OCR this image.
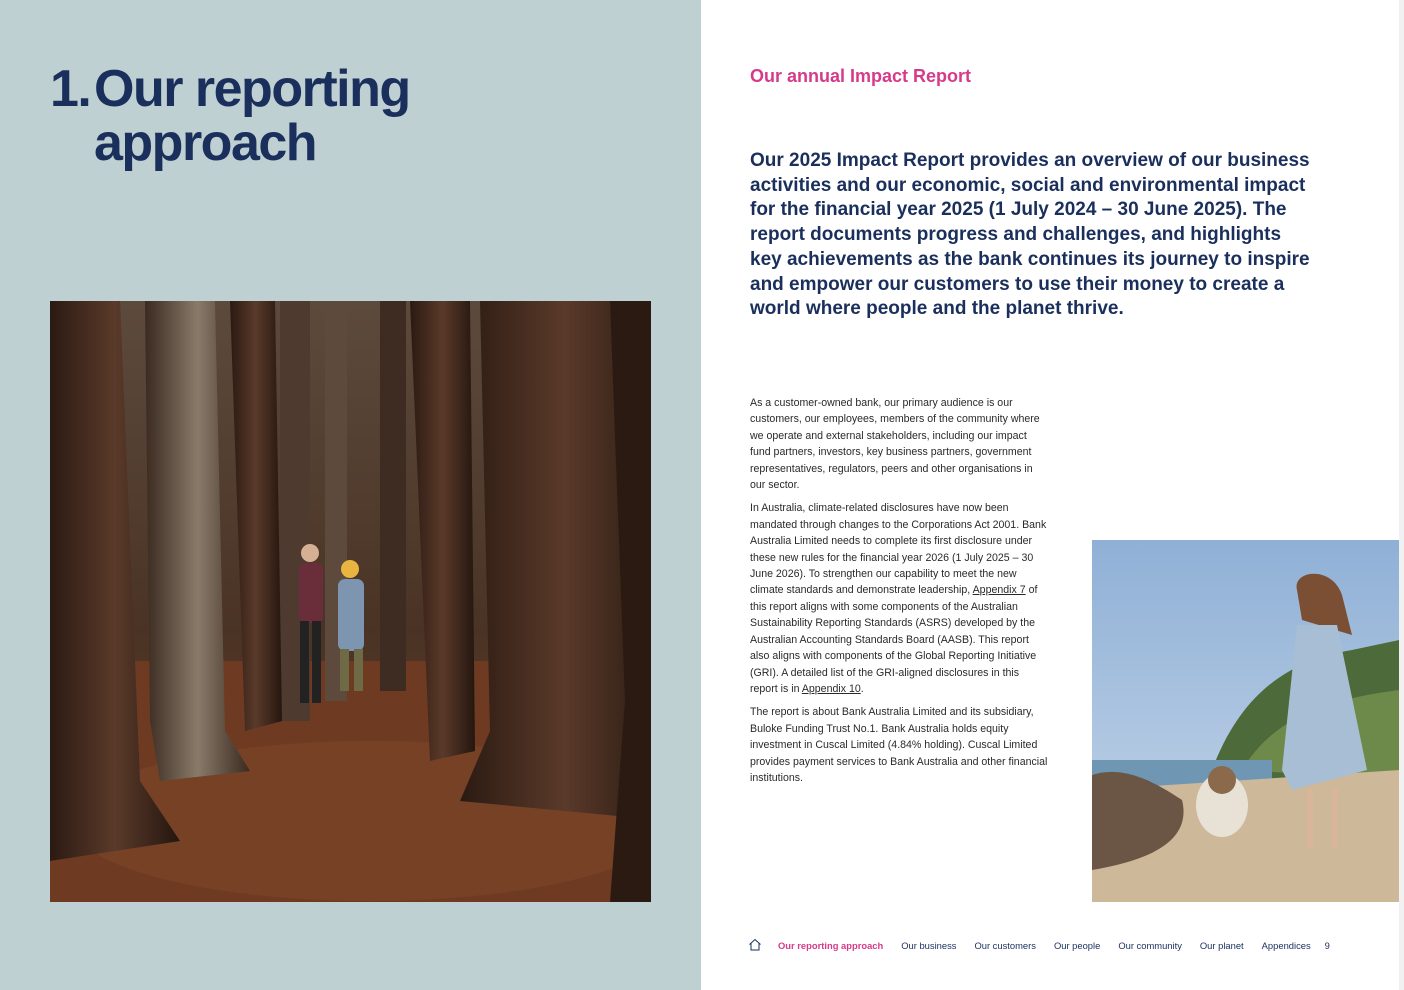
1. Our reporting approach
Our annual Impact Report

Our 2025 Impact Report provides an overview of our business activities and our economic, social and environmental impact for the financial year 2025 (1 July 2024 – 30 June 2025). The report documents progress and challenges, and highlights key achievements as the bank continues its journey to inspire and empower our customers to use their money to create a world where people and the planet thrive.

As a customer-owned bank, our primary audience is our customers, our employees, members of the community where we operate and external stakeholders, including our impact fund partners, investors, key business partners, government representatives, regulators, peers and other organisations in our sector.

In Australia, climate-related disclosures have now been mandated through changes to the Corporations Act 2001. Bank Australia Limited needs to complete its first disclosure under these new rules for the financial year 2026 (1 July 2025 – 30 June 2026). To strengthen our capability to meet the new climate standards and demonstrate leadership, Appendix 7 of this report aligns with some components of the Australian Sustainability Reporting Standards (ASRS) developed by the Australian Accounting Standards Board (AASB). This report also aligns with components of the Global Reporting Initiative (GRI). A detailed list of the GRI-aligned disclosures in this report is in Appendix 10.

The report is about Bank Australia Limited and its subsidiary, Buloke Funding Trust No.1. Bank Australia holds equity investment in Cuscal Limited (4.84% holding). Cuscal Limited provides payment services to Bank Australia and other financial institutions.

Our reporting approach Our business Our customers Our people Our community Our planet Appendices 9
